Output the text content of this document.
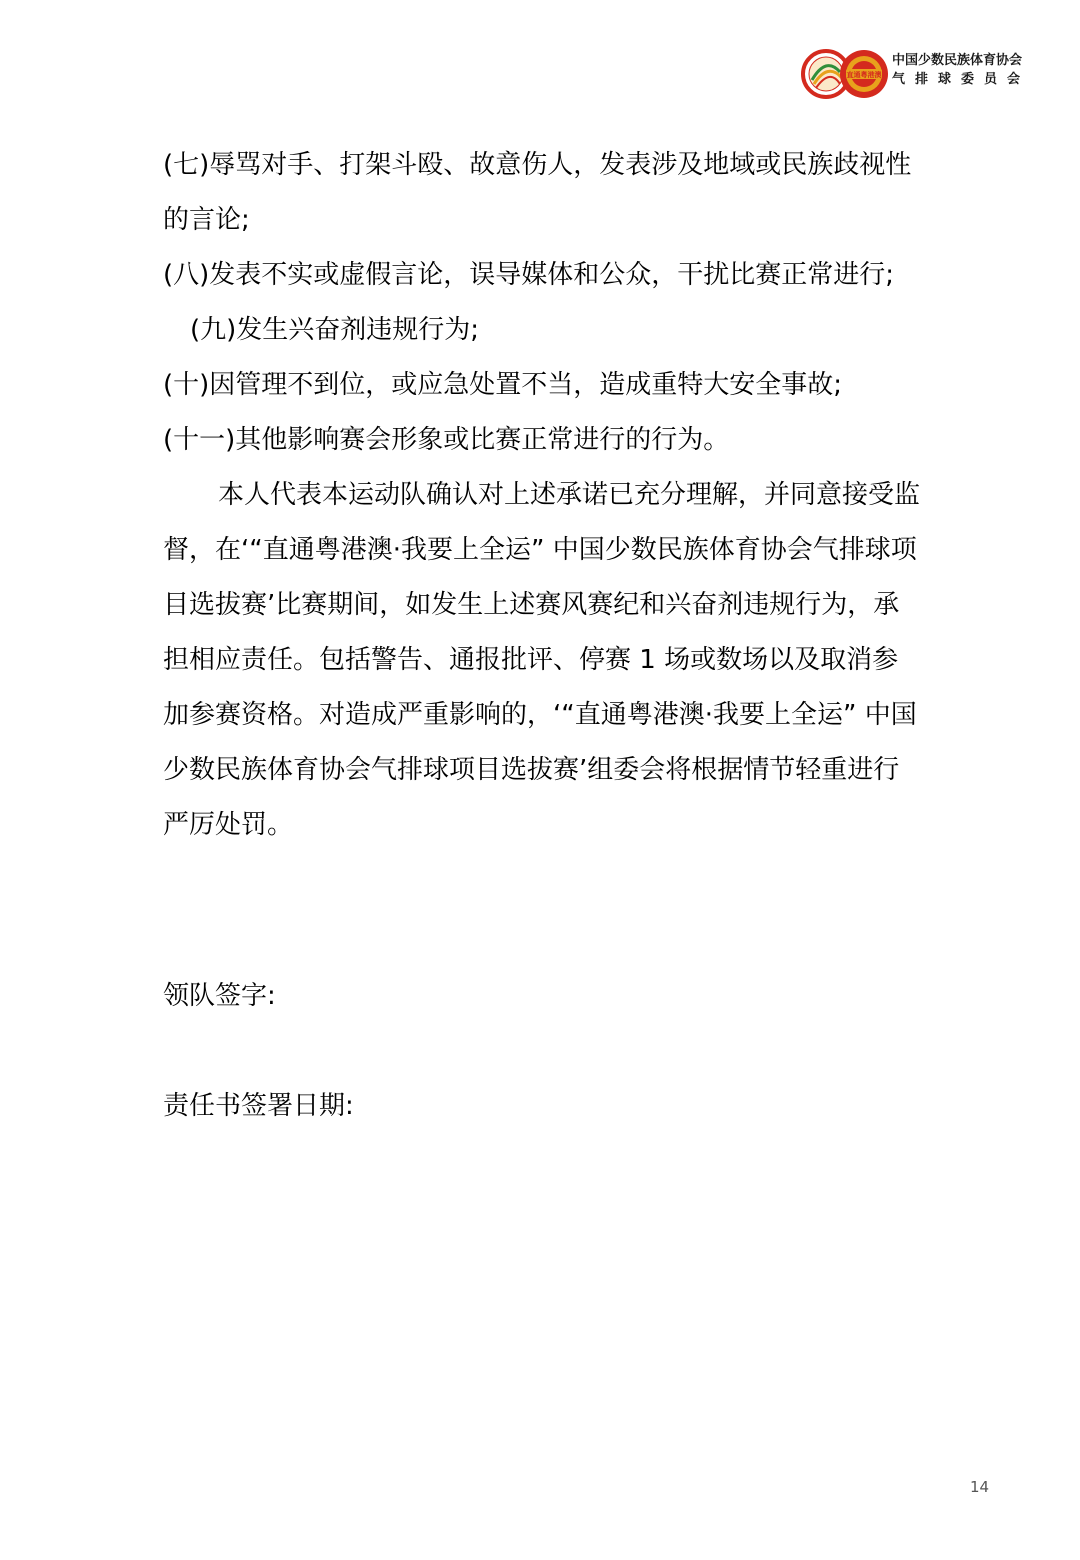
直通粤港澳
中国少数民族体育协会
气排球委员会

(七)辱骂对手、打架斗殴、故意伤人，发表涉及地域或民族歧视性的言论;

(八)发表不实或虚假言论，误导媒体和公众，干扰比赛正常进行;

(九)发生兴奋剂违规行为;

(十)因管理不到位，或应急处置不当，造成重特大安全事故;

(十一)其他影响赛会形象或比赛正常进行的行为。

本人代表本运动队确认对上述承诺已充分理解，并同意接受监督，在‘“直通粤港澳·我要上全运” 中国少数民族体育协会气排球项目选拔赛’比赛期间，如发生上述赛风赛纪和兴奋剂违规行为，承担相应责任。包括警告、通报批评、停赛 1 场或数场以及取消参加参赛资格。对造成严重影响的，‘“直通粤港澳·我要上全运” 中国少数民族体育协会气排球项目选拔赛’组委会将根据情节轻重进行严厉处罚。

领队签字:
责任书签署日期:
14
